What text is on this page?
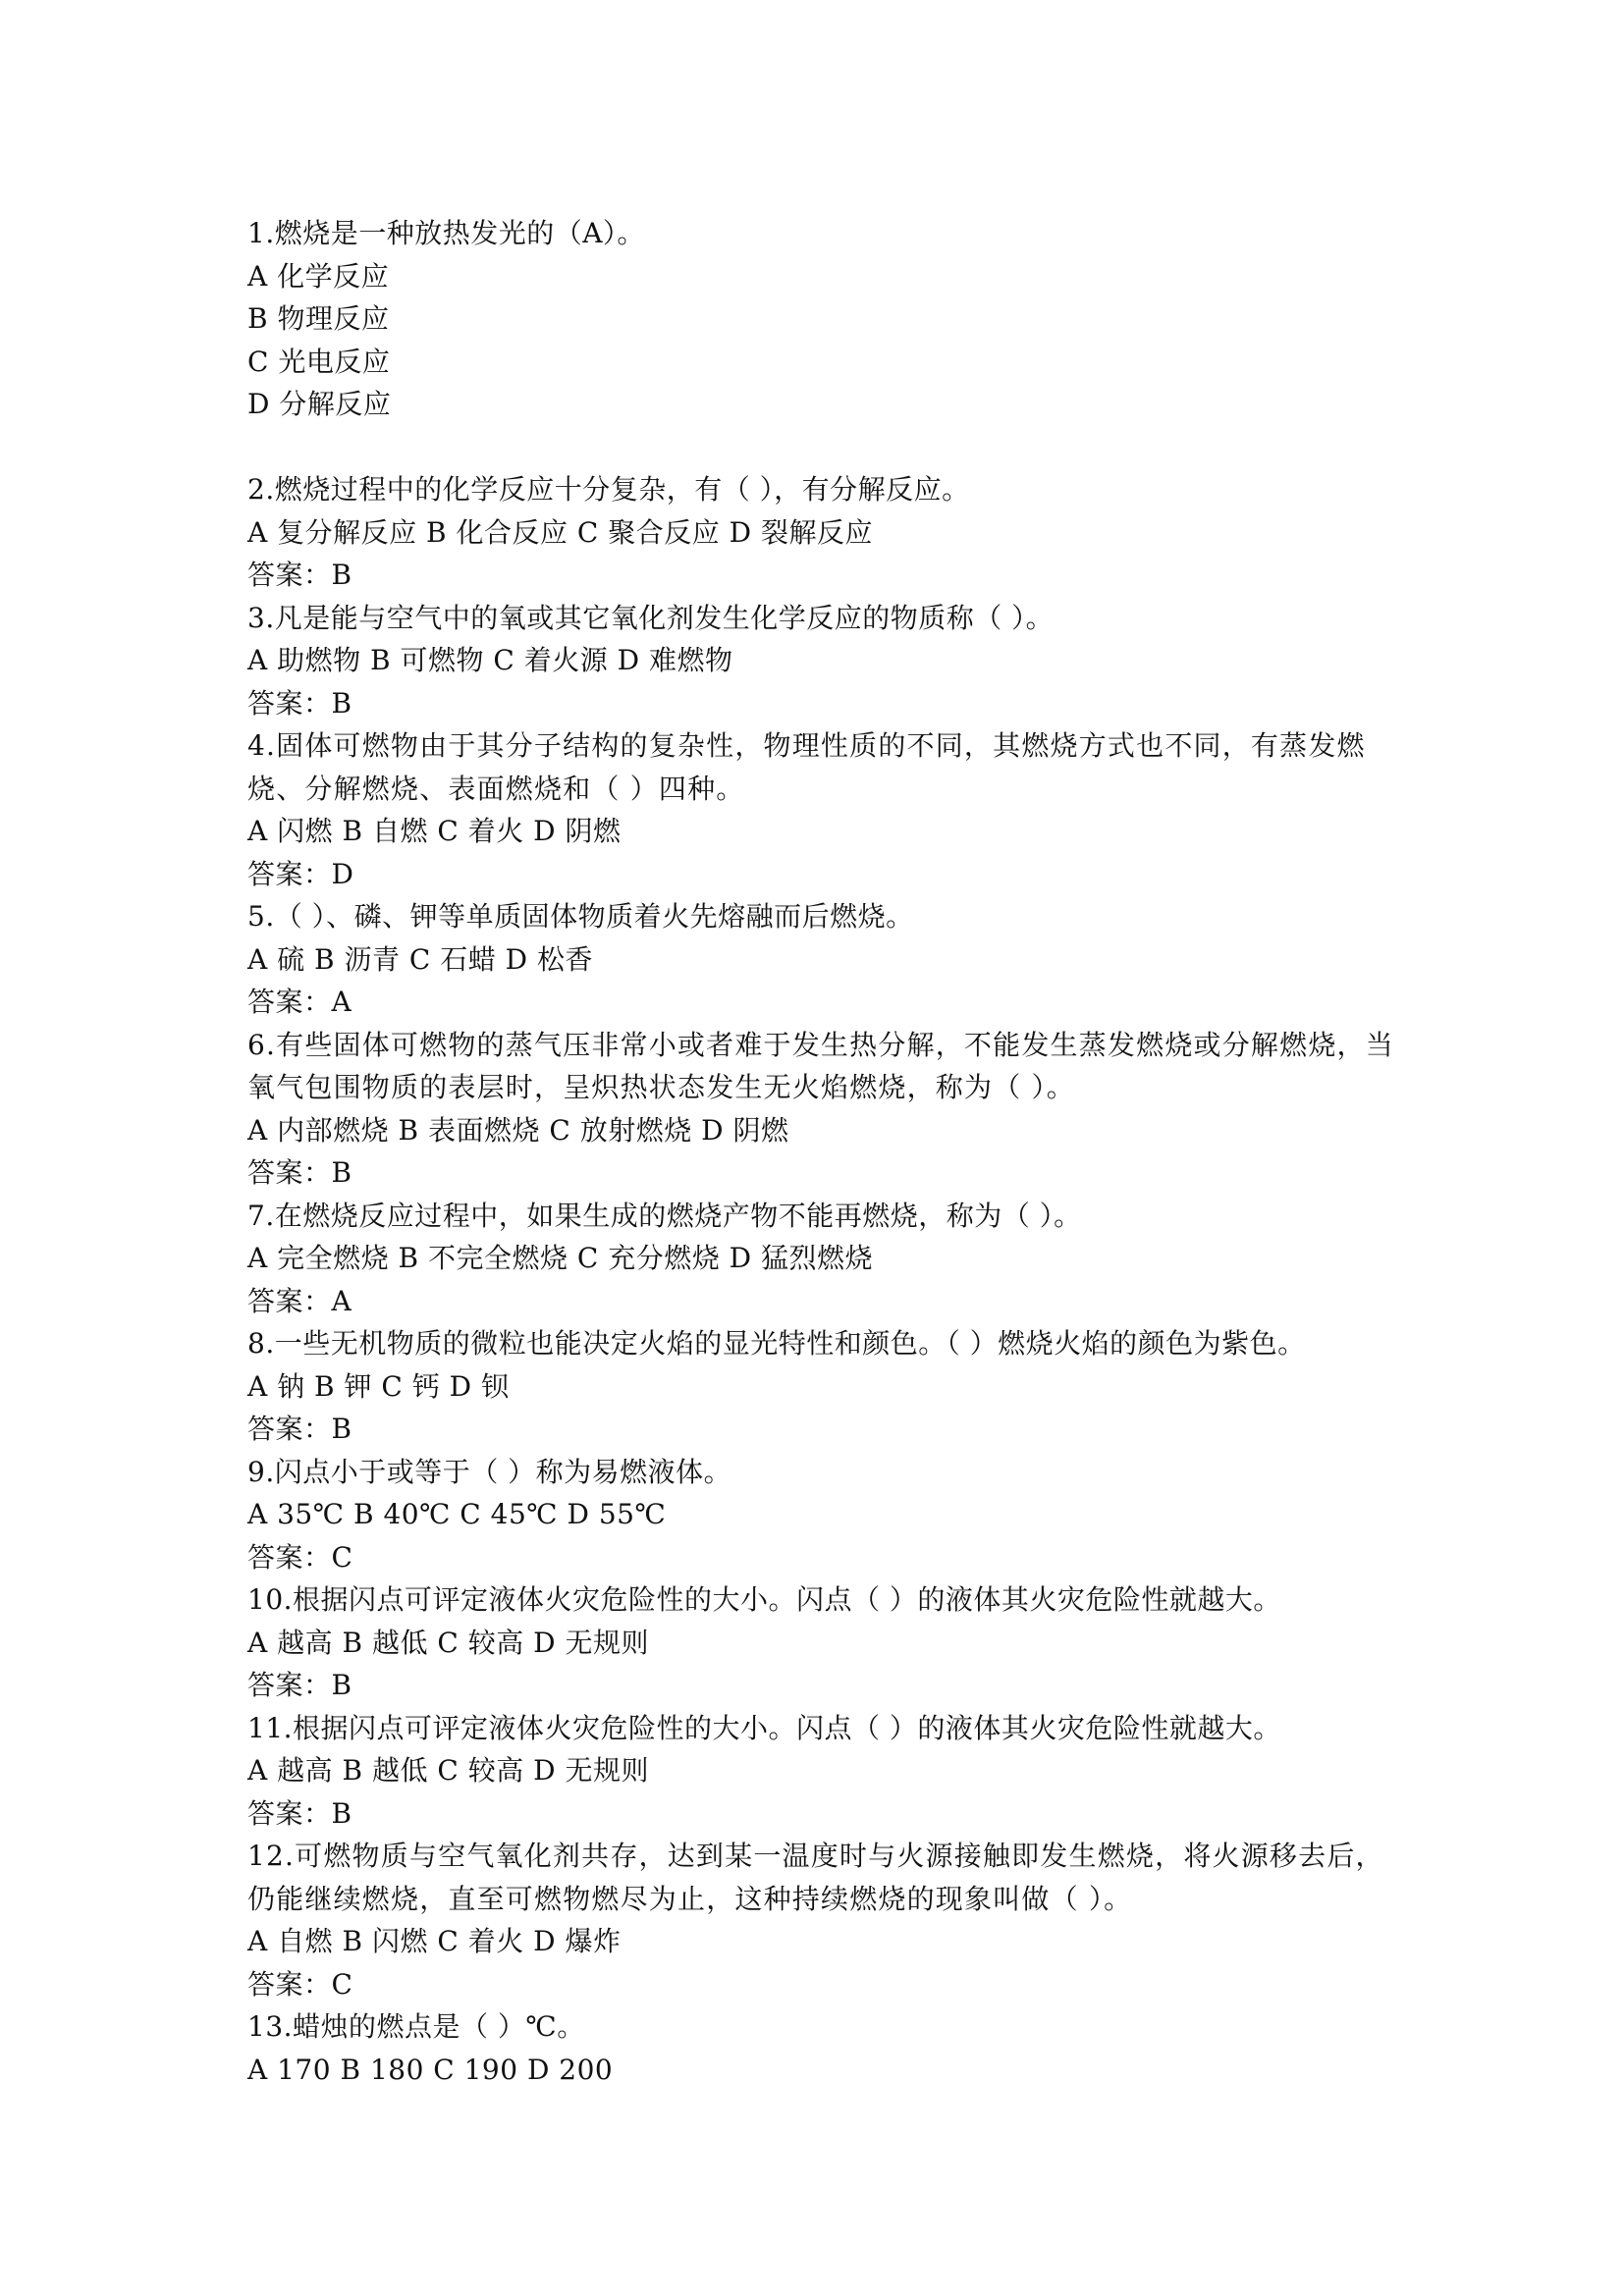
1.燃烧是一种放热发光的（A）。
A 化学反应
B 物理反应
C 光电反应
D 分解反应
2.燃烧过程中的化学反应十分复杂，有（ ），有分解反应。
A 复分解反应 B 化合反应 C 聚合反应 D 裂解反应
答案：B
3.凡是能与空气中的氧或其它氧化剂发生化学反应的物质称（ ）。
A 助燃物 B 可燃物 C 着火源 D 难燃物
答案：B
4.固体可燃物由于其分子结构的复杂性，物理性质的不同，其燃烧方式也不同，有蒸发燃烧、分解燃烧、表面燃烧和（ ）四种。
A 闪燃 B 自燃 C 着火 D 阴燃
答案：D
5.（ ）、磷、钾等单质固体物质着火先熔融而后燃烧。
A 硫 B 沥青 C 石蜡 D 松香
答案：A
6.有些固体可燃物的蒸气压非常小或者难于发生热分解，不能发生蒸发燃烧或分解燃烧，当氧气包围物质的表层时，呈炽热状态发生无火焰燃烧，称为（ ）。
A 内部燃烧 B 表面燃烧 C 放射燃烧 D 阴燃
答案：B
7.在燃烧反应过程中，如果生成的燃烧产物不能再燃烧，称为（ ）。
A 完全燃烧 B 不完全燃烧 C 充分燃烧 D 猛烈燃烧
答案：A
8.一些无机物质的微粒也能决定火焰的显光特性和颜色。（ ）燃烧火焰的颜色为紫色。
A 钠 B 钾 C 钙 D 钡
答案：B
9.闪点小于或等于（ ）称为易燃液体。
A 35℃ B 40℃ C 45℃ D 55℃
答案：C
10.根据闪点可评定液体火灾危险性的大小。闪点（ ）的液体其火灾危险性就越大。
A 越高 B 越低 C 较高 D 无规则
答案：B
11.根据闪点可评定液体火灾危险性的大小。闪点（ ）的液体其火灾危险性就越大。
A 越高 B 越低 C 较高 D 无规则
答案：B
12.可燃物质与空气氧化剂共存，达到某一温度时与火源接触即发生燃烧，将火源移去后，仍能继续燃烧，直至可燃物燃尽为止，这种持续燃烧的现象叫做（ ）。
A 自燃 B 闪燃 C 着火 D 爆炸
答案：C
13.蜡烛的燃点是（ ）℃。
A 170 B 180 C 190 D 200
